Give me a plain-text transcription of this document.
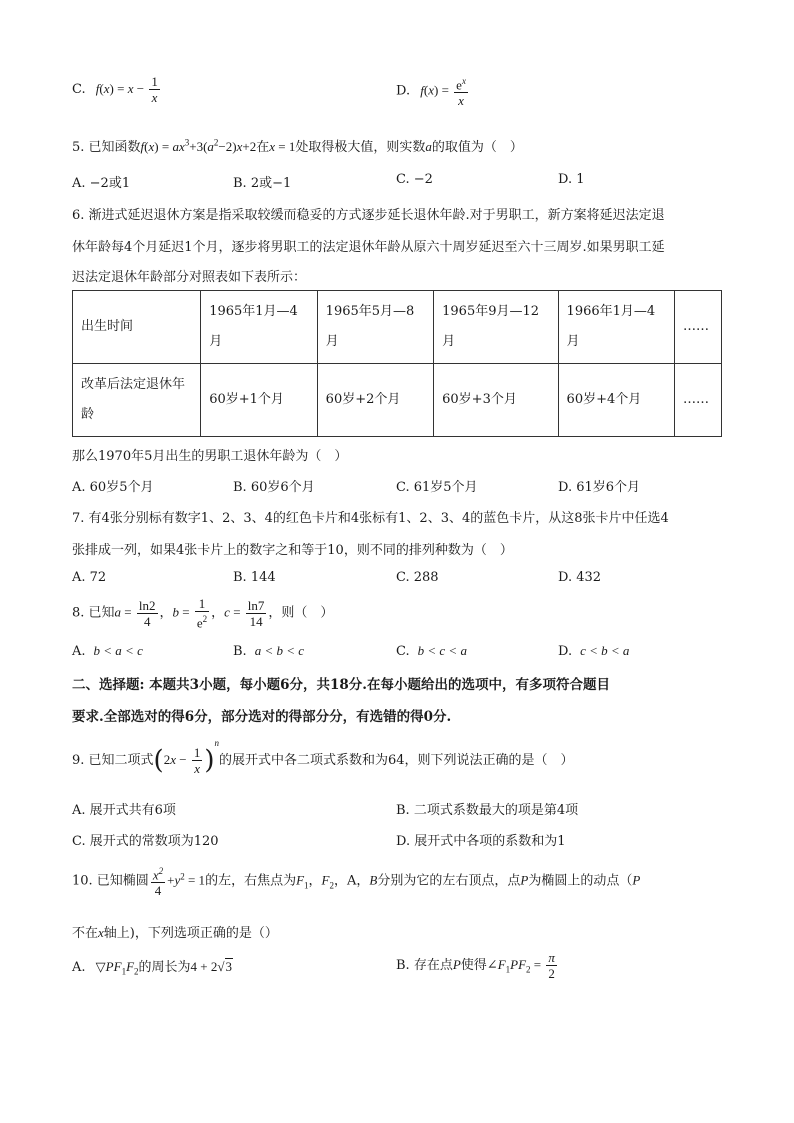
C. $f(x) = x - \frac{1}{x}$	D. $f(x) = \frac{e^x}{x}$
5. 已知函数$f(x) = ax^3+3(a^2-2)x+2$在x = 1处取得极大值，则实数a的取值为（　）
A. −2或1	B. 2或−1	C. −2	D. 1
6. 渐进式延迟退休方案是指采取较缓而稳妥的方式逐步延长退休年龄.对于男职工，新方案将延迟法定退
休年龄每4个月延迟1个月，逐步将男职工的法定退休年龄从原六十周岁延迟至六十三周岁.如果男职工延
迟法定退休年龄部分对照表如下表所示：
出生时间	1965年1月—4月	1965年5月—8月	1965年9月—12月	1966年1月—4月	……
改革后法定退休年龄	60岁+1个月	60岁+2个月	60岁+3个月	60岁+4个月	……
那么1970年5月出生的男职工退休年龄为（　）
A. 60岁5个月	B. 60岁6个月	C. 61岁5个月	D. 61岁6个月
7. 有4张分别标有数字1、2、3、4的红色卡片和4张标有1、2、3、4的蓝色卡片，从这8张卡片中任选4
张排成一列，如果4张卡片上的数字之和等于10，则不同的排列种数为（　）
A. 72	B. 144	C. 288	D. 432
8. 已知$a = \frac{\ln 2}{4}$ ，$b = \frac{1}{e^2}$ ，$c = \frac{\ln 7}{14}$ ，则（　）
A. b < a < c	B. a < b < c	C. b < c < a	D. c < b < a
二、选择题: 本题共3小题，每小题6分，共18分.在每小题给出的选项中，有多项符合题目
要求.全部选对的得6分，部分选对的得部分分，有选错的得0分.
9. 已知二项式$(2x - \frac{1}{x} )^n$的展开式中各二项式系数和为64，则下列说法正确的是（　）
A. 展开式共有6项	B. 二项式系数最大的项是第4项
C. 展开式的常数项为120	D. 展开式中各项的系数和为1
10. 已知椭圆 $\frac{x^2}{4} +y^2 = 1$的左，右焦点为$F_1$，$F_2$，A，B分别为它的左右顶点，点P为椭圆上的动点（P
不在x轴上)，下列选项正确的是（）
A. $▽PF_1F_2$的周长为4 + 2√3	B. 存在点P使得$\angle F_1PF_2 = \frac{\pi}{2}$
